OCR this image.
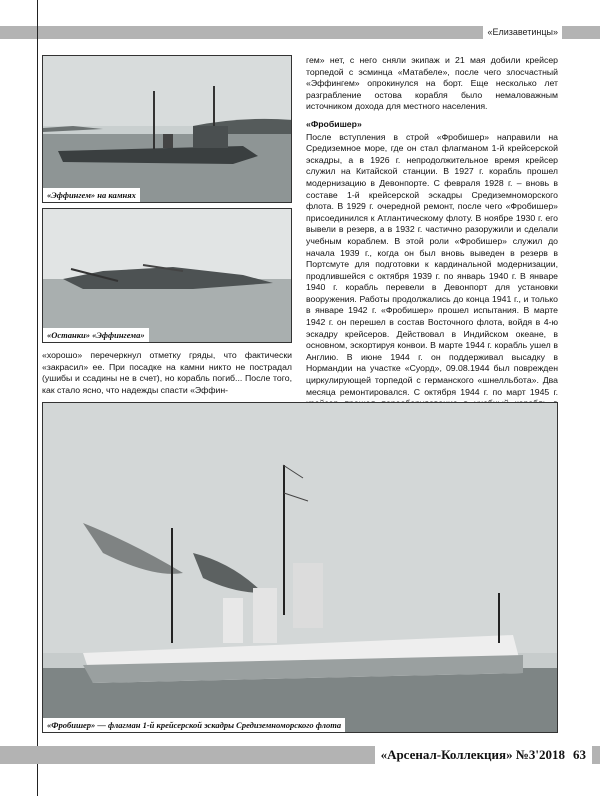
«Елизаветинцы»
«Эффингем» на камнях
«Останки» «Эффингема»

«хорошо» перечеркнул отметку гряды, что фактически «закрасил» ее. При посадке на камни никто не пострадал (ушибы и ссадины не в счет), но корабль погиб... После того, как стало ясно, что надежды спасти «Эффин-

гем» нет, с него сняли экипаж и 21 мая добили крейсер торпедой с эсминца «Матабеле», после чего злосчастный «Эффингем» опрокинулся на борт. Еще несколько лет разграбление остова корабля было немаловажным источником дохода для местного населения.

«Фробишер»

После вступления в строй «Фробишер» направили на Средиземное море, где он стал флагманом 1-й крейсерской эскадры, а в 1926 г. непродолжительное время крейсер служил на Китайской станции. В 1927 г. корабль прошел модернизацию в Девонпорте. С февраля 1928 г. – вновь в составе 1-й крейсерской эскадры Средиземноморского флота. В 1929 г. очередной ремонт, после чего «Фробишер» присоединился к Атлантическому флоту. В ноябре 1930 г. его вывели в резерв, а в 1932 г. частично разоружили и сделали учебным кораблем. В этой роли «Фробишер» служил до начала 1939 г., когда он был вновь выведен в резерв в Портсмуте для подготовки к кардинальной модернизации, продлившейся с октября 1939 г. по январь 1940 г. В январе 1940 г. корабль перевели в Девонпорт для установки вооружения. Работы продолжались до конца 1941 г., и только в январе 1942 г. «Фробишер» прошел испытания. В марте 1942 г. он перешел в состав Восточного флота, войдя в 4-ю эскадру крейсеров. Действовал в Индийском океане, в основном, эскортируя конвои. В марте 1944 г. корабль ушел в Англию. В июне 1944 г. он поддерживал высадку в Нормандии на участке «Суорд», 09.08.1944 был поврежден циркулирующей торпедой с германского «шнелльбота». Два месяца ремонтировался. С октября 1944 г. по март 1945 г.

«Фробишер» — флагман 1-й крейсерской эскадры Средиземноморского флота
«Арсенал-Коллекция» №3'2018 63
